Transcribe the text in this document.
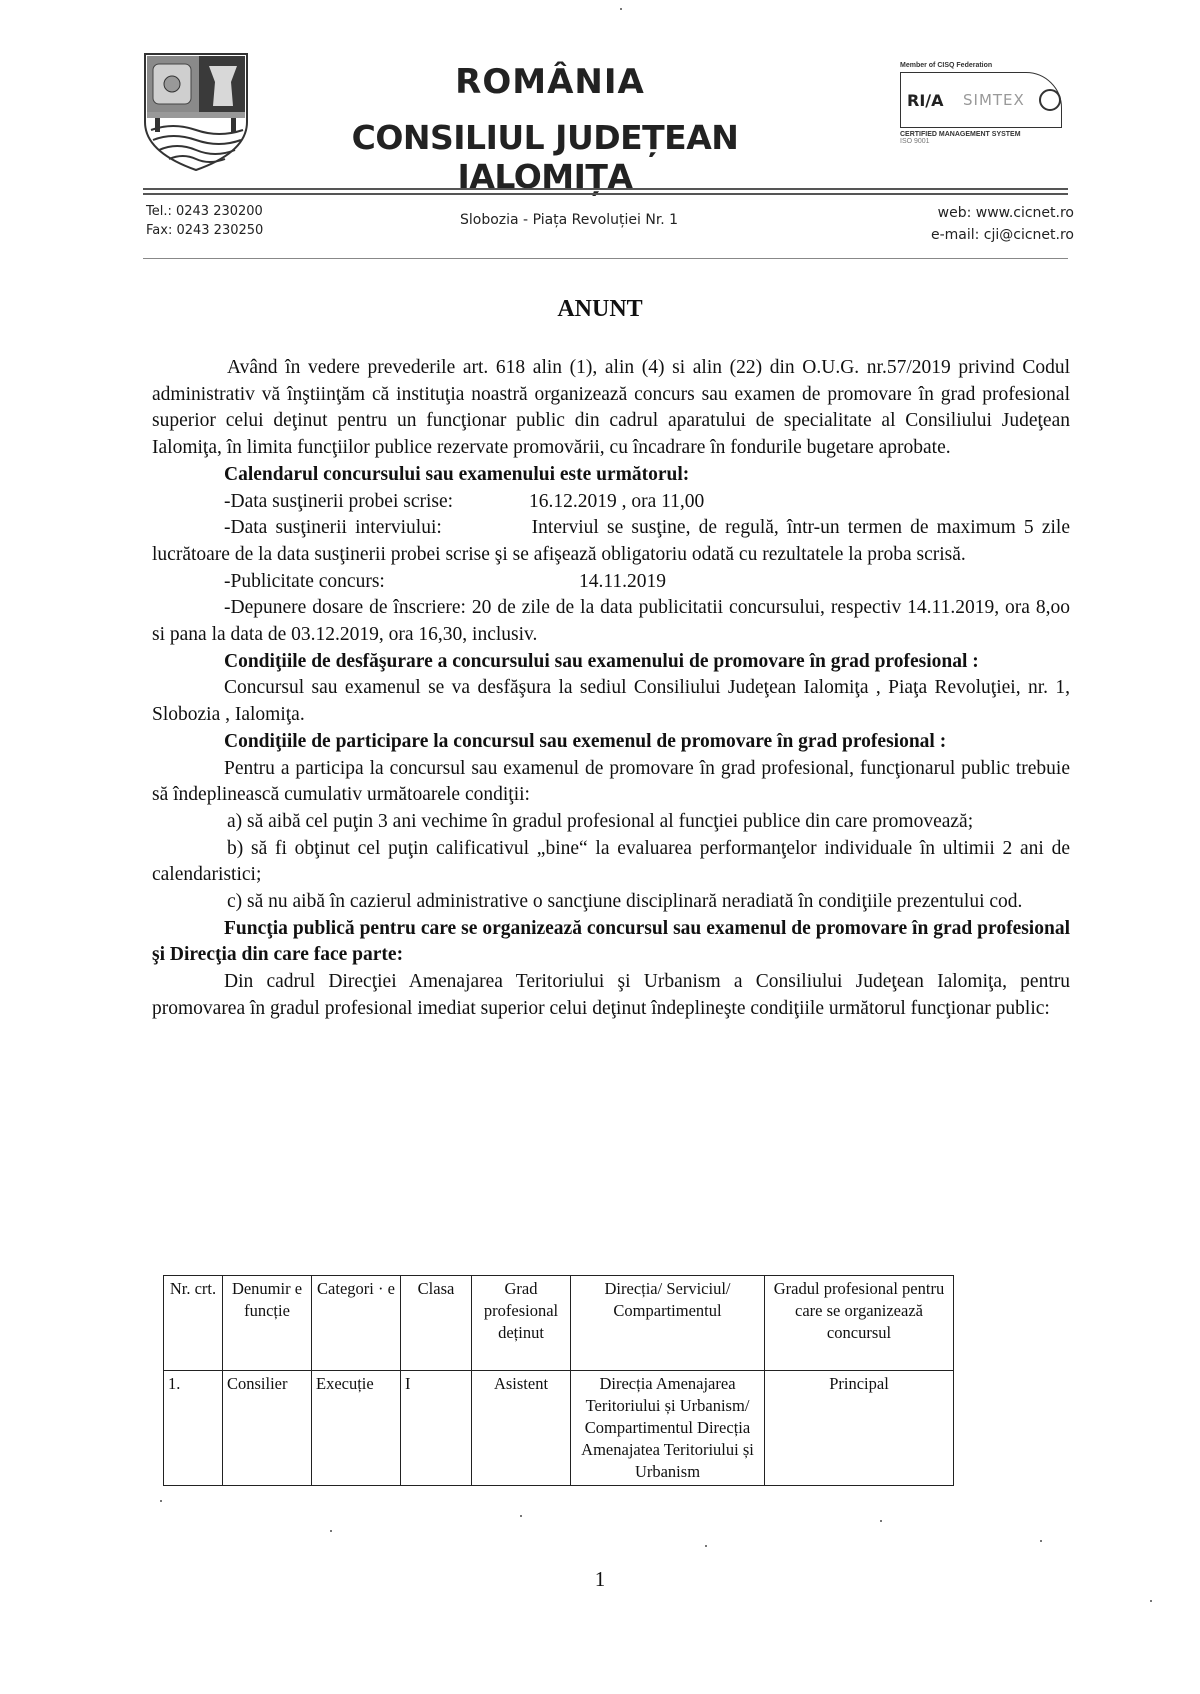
ROMÂNIA
CONSILIUL JUDEȚEAN IALOMIȚA
Member of CISQ Federation
RI∕A SIMTEX
CERTIFIED MANAGEMENT SYSTEM
ISO 9001
Tel.: 0243 230200
Fax: 0243 230250
Slobozia - Piața Revoluției Nr. 1	web: www.cicnet.ro
e-mail: cji@cicnet.ro
ANUNT

Având în vedere prevederile art. 618 alin (1), alin (4) si alin (22) din O.U.G. nr.57/2019 privind Codul administrativ vă înştiinţăm că instituţia noastră organizează concurs sau examen de promovare în grad profesional superior celui deţinut pentru un funcţionar public din cadrul aparatului de specialitate al Consiliului Judeţean Ialomiţa, în limita funcţiilor publice rezervate promovării, cu încadrare în fondurile bugetare aprobate.

Calendarul concursului sau examenului este următorul:

-Data susţinerii probei scrise:	16.12.2019 , ora 11,00

-Data susţinerii interviului:	Interviul se susţine, de regulă, într-un termen de maximum 5 zile lucrătoare de la data susţinerii probei scrise şi se afişează obligatoriu odată cu rezultatele la proba scrisă.

-Publicitate concurs:	14.11.2019

-Depunere dosare de înscriere: 20 de zile de la data publicitatii concursului, respectiv 14.11.2019, ora 8,oo si pana la data de 03.12.2019, ora 16,30, inclusiv.

Condiţiile de desfăşurare a concursului sau examenului de promovare în grad profesional :

Concursul sau examenul se va desfăşura la sediul Consiliului Judeţean Ialomiţa , Piaţa Revoluţiei, nr. 1, Slobozia , Ialomiţa.

Condiţiile de participare la concursul sau exemenul de promovare în grad profesional :

Pentru a participa la concursul sau examenul de promovare în grad profesional, funcţionarul public trebuie să îndeplinească cumulativ următoarele condiţii:

a) să aibă cel puţin 3 ani vechime în gradul profesional al funcţiei publice din care promovează;

b) să fi obţinut cel puţin calificativul „bine“ la evaluarea performanţelor individuale în ultimii 2 ani de calendaristici;

c) să nu aibă în cazierul administrative o sancţiune disciplinară neradiată în condiţiile prezentului cod.

Funcţia publică pentru care se organizează concursul sau examenul de promovare în grad profesional şi Direcţia din care face parte:

Din cadrul Direcţiei Amenajarea Teritoriului şi Urbanism a Consiliului Judeţean Ialomiţa, pentru promovarea în gradul profesional imediat superior celui deţinut îndeplineşte condiţiile următorul funcţionar public:

Nr. crt.	Denumir e funcție	Categori · e	Clasa	Grad profesional deținut	Direcția/ Serviciul/ Compartimentul	Gradul profesional pentru care se organizează concursul
1.	Consilier	Execuție	I	Asistent	Direcția Amenajarea Teritoriului și Urbanism/ Compartimentul Direcția Amenajatea Teritoriului și Urbanism	Principal
1
